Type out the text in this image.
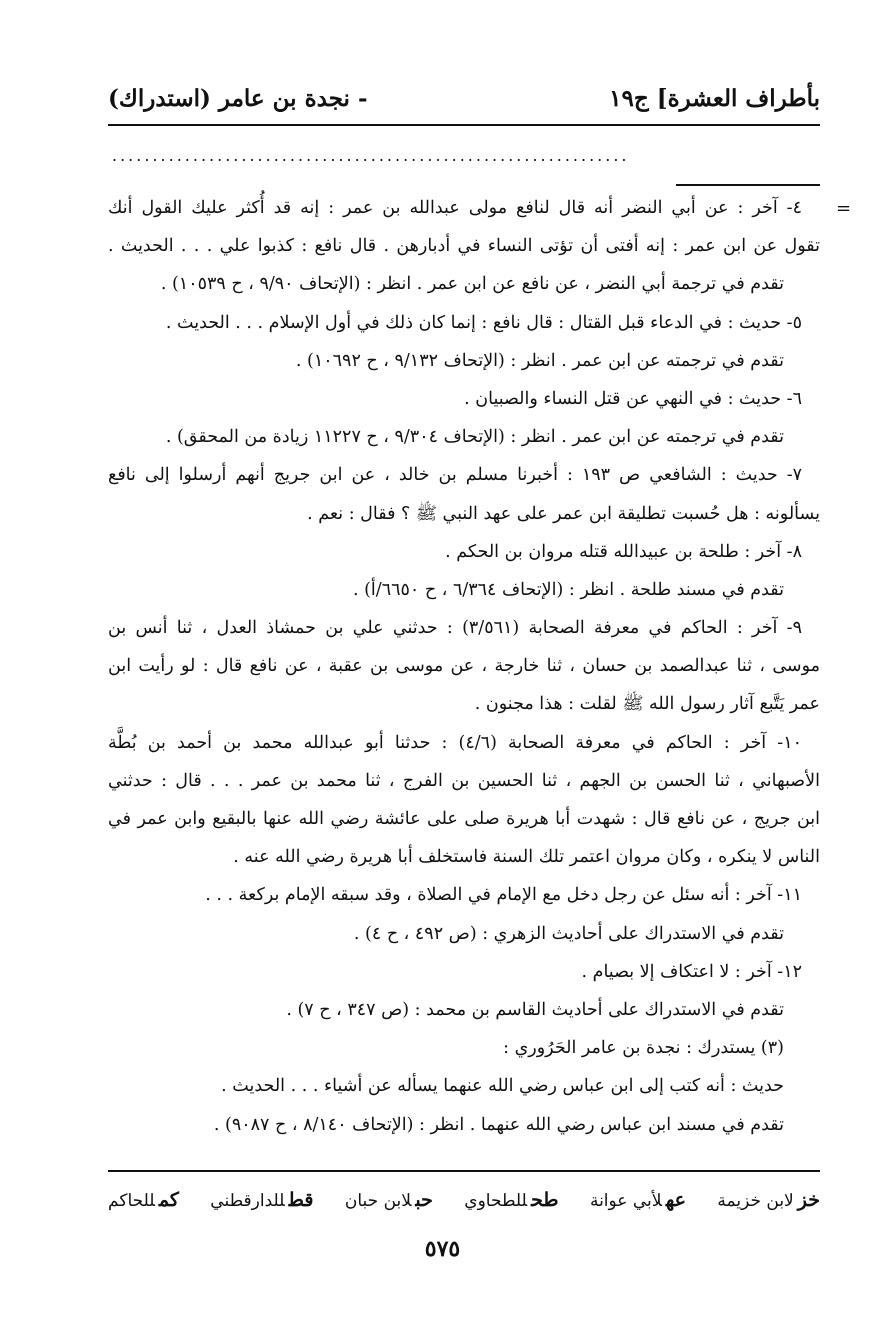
بأطراف العشرة] ج١٩
- نجدة بن عامر (استدراك)
................................................................
=
٤- آخر : عن أبي النضر أنه قال لنافع مولى عبدالله بن عمر : إنه قد أُكثر عليك القول أنك
تقول عن ابن عمر : إنه أفتى أن تؤتى النساء في أدبارهن . قال نافع : كذبوا علي . . . الحديث .
تقدم في ترجمة أبي النضر ، عن نافع عن ابن عمر . انظر : (الإتحاف ٩/٩٠ ، ح ١٠٥٣٩) .
٥- حديث : في الدعاء قبل القتال : قال نافع : إنما كان ذلك في أول الإسلام . . . الحديث .
تقدم في ترجمته عن ابن عمر . انظر : (الإتحاف ٩/١٣٢ ، ح ١٠٦٩٢) .
٦- حديث : في النهي عن قتل النساء والصبيان .
تقدم في ترجمته عن ابن عمر . انظر : (الإتحاف ٩/٣٠٤ ، ح ١١٢٢٧ زيادة من المحقق) .
٧- حديث : الشافعي ص ١٩٣ : أخبرنا مسلم بن خالد ، عن ابن جريج أنهم أرسلوا إلى نافع
يسألونه : هل حُسبت تطليقة ابن عمر على عهد النبي ﷺ ؟ فقال : نعم .
٨- آخر : طلحة بن عبيدالله قتله مروان بن الحكم .
تقدم في مسند طلحة . انظر : (الإتحاف ٦/٣٦٤ ، ح ٦٦٥٠/أ) .
٩- آخر : الحاكم في معرفة الصحابة (٣/٥٦١) : حدثني علي بن حمشاذ العدل ، ثنا أنس بن
موسى ، ثنا عبدالصمد بن حسان ، ثنا خارجة ، عن موسى بن عقبة ، عن نافع قال : لو رأيت ابن
عمر يَتَّبع آثار رسول الله ﷺ لقلت : هذا مجنون .
١٠- آخر : الحاكم في معرفة الصحابة (٤/٦) : حدثنا أبو عبدالله محمد بن أحمد بن بُطَّة
الأصبهاني ، ثنا الحسن بن الجهم ، ثنا الحسين بن الفرج ، ثنا محمد بن عمر . . . قال : حدثني
ابن جريج ، عن نافع قال : شهدت أبا هريرة صلى على عائشة رضي الله عنها بالبقيع وابن عمر في
الناس لا ينكره ، وكان مروان اعتمر تلك السنة فاستخلف أبا هريرة رضي الله عنه .
١١- آخر : أنه سئل عن رجل دخل مع الإمام في الصلاة ، وقد سبقه الإمام بركعة . . .
تقدم في الاستدراك على أحاديث الزهري : (ص ٤٩٢ ، ح ٤) .
١٢- آخر : لا اعتكاف إلا بصيام .
تقدم في الاستدراك على أحاديث القاسم بن محمد : (ص ٣٤٧ ، ح ٧) .
(٣) يستدرك : نجدة بن عامر الحَرُوري :
حديث : أنه كتب إلى ابن عباس رضي الله عنهما يسأله عن أشياء . . . الحديث .
تقدم في مسند ابن عباس رضي الله عنهما . انظر : (الإتحاف ٨/١٤٠ ، ح ٩٠٨٧) .
خزلابن خزيمة
عهلأبي عوانة
طحللطحاوي
حبلابن حبان
قطللدارقطني
كمللحاكم
٥٧٥
